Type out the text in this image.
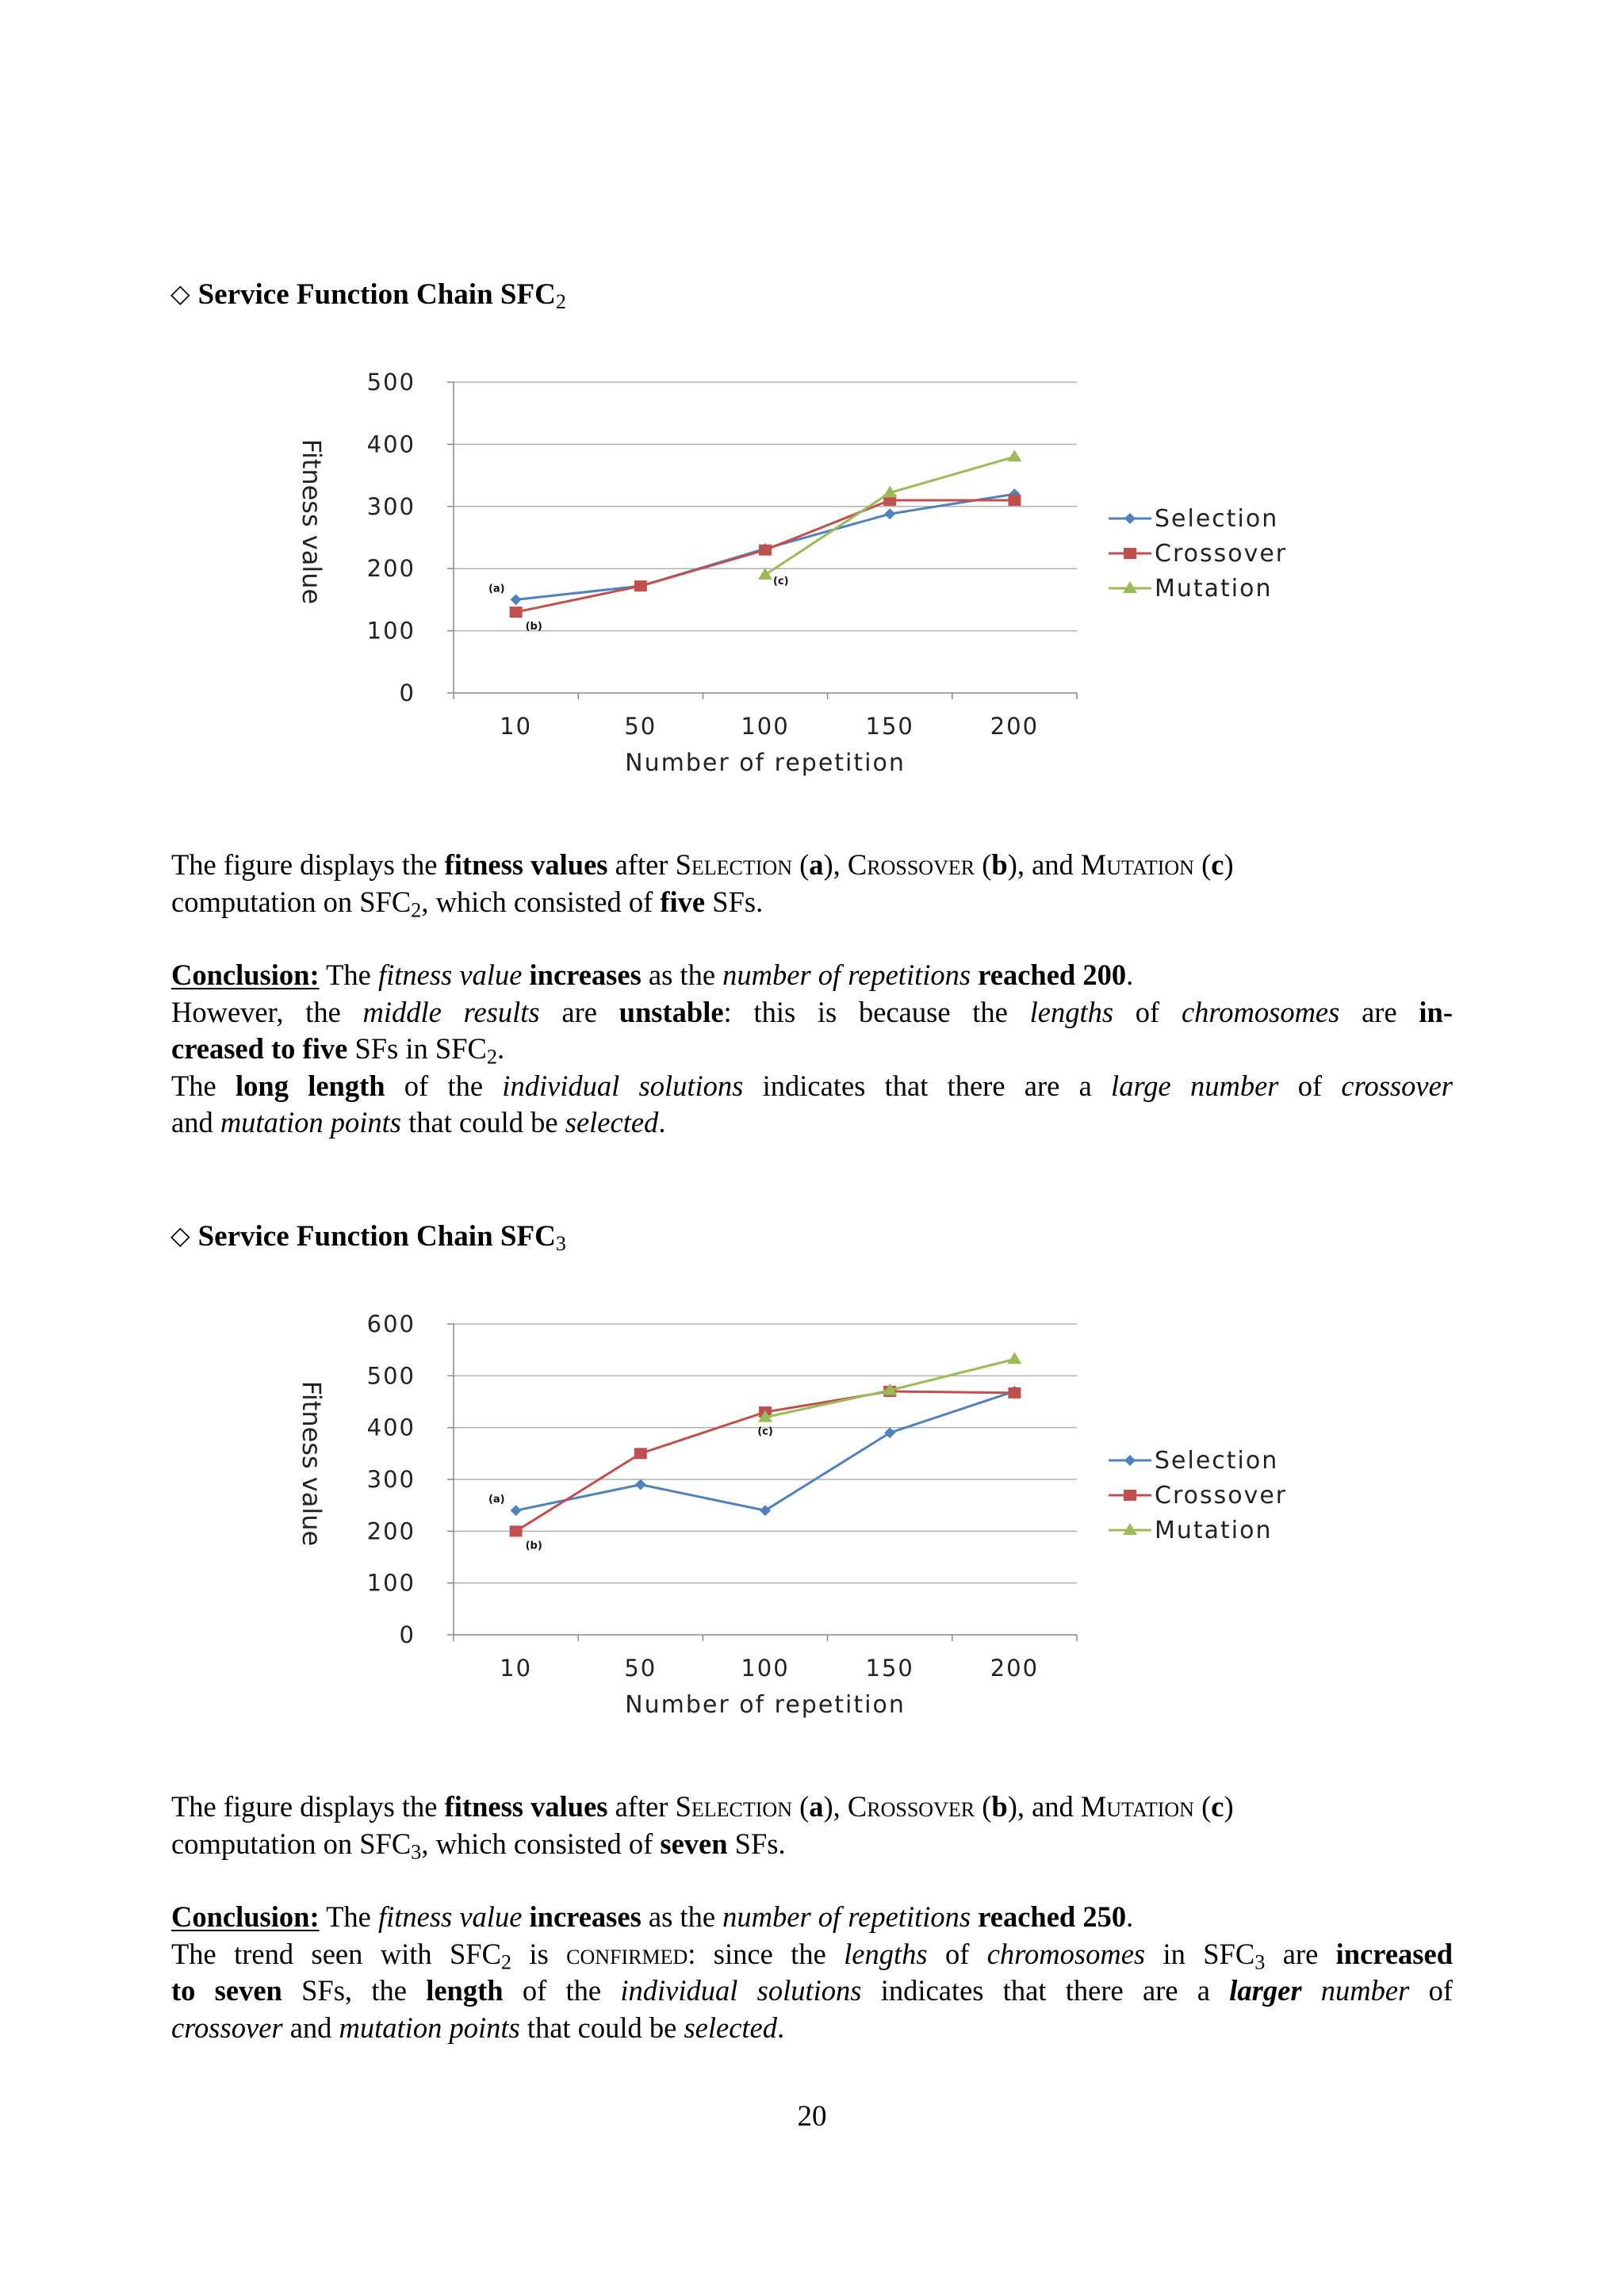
◇ Service Function Chain $SFC_2$
0
100
200
300
400
500
10	50	100	150	200
Number of repetition
Fitness value	(a)
(b)
(c)
Selection
Crossover
Mutation
The figure displays the fitness values after Selection (a), Crossover (b), and Mutation (c)
computation on $SFC_2$, which consisted of five SFs.
Conclusion: The fitness value increases as the number of repetitions reached 200.
However, the middle results are unstable: this is because the lengths of chromosomes are in-
creased to five SFs in $SFC_2$.
The long length of the individual solutions indicates that there are a large number of crossover
and mutation points that could be selected.
◇ Service Function Chain $SFC_3$
0
100
200
300
400
500
600
10	50	100	150	200
Number of repetition
Fitness value	(a)
(b)
(c)
Selection
Crossover
Mutation
The figure displays the fitness values after Selection (a), Crossover (b), and Mutation (c)
computation on $SFC_3$, which consisted of seven SFs.
Conclusion: The fitness value increases as the number of repetitions reached 250.
The trend seen with $SFC_2$ is confirmed: since the lengths of chromosomes in $SFC_3$ are increased
to seven SFs, the length of the individual solutions indicates that there are a larger number of
crossover and mutation points that could be selected.
20
